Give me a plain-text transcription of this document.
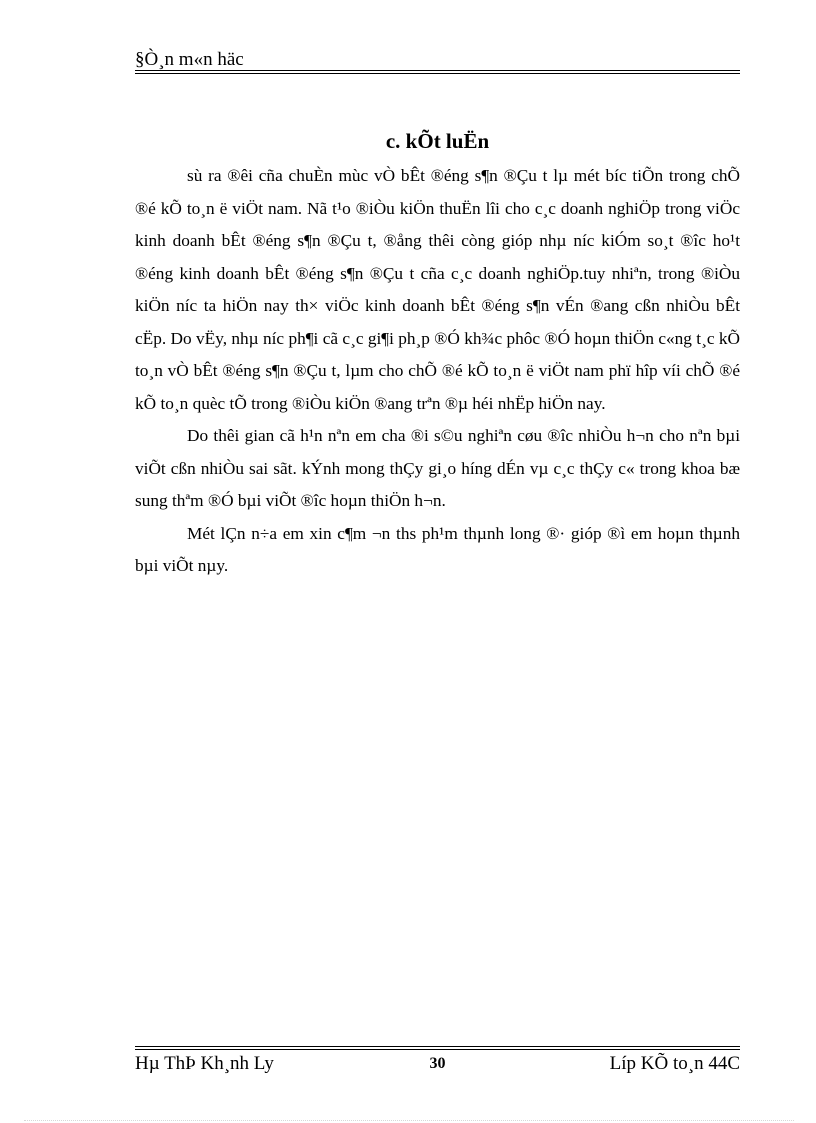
§Ò¸n m«n häc
c. kÕt luËn

sù ra ®êi cña chuÈn mùc vÒ bÊt ®éng s¶n ®Çu t lµ mét bíc tiÕn trong chÕ ®é kÕ to¸n ë viÖt nam. Nã t¹o ®iÒu kiÖn thuËn lîi cho c¸c doanh nghiÖp trong viÖc kinh doanh bÊt ®éng s¶n ®Çu t, ®ång thêi còng gióp nhµ níc kiÓm so¸t ®îc ho¹t ®éng kinh doanh bÊt ®éng s¶n ®Çu t cña c¸c doanh nghiÖp.tuy nhiªn, trong ®iÒu kiÖn níc ta hiÖn nay th× viÖc kinh doanh bÊt ®éng s¶n vÉn ®ang cßn nhiÒu bÊt cËp. Do vËy, nhµ níc ph¶i cã c¸c gi¶i ph¸p ®Ó kh¾c phôc ®Ó hoµn thiÖn c«ng t¸c kÕ to¸n vÒ bÊt ®éng s¶n ®Çu t, lµm cho chÕ ®é kÕ to¸n ë viÖt nam phï hîp víi chÕ ®é kÕ to¸n quèc tÕ trong ®iÒu kiÖn ®ang trªn ®µ héi nhËp hiÖn nay.

Do thêi gian cã h¹n nªn em cha ®i s©u nghiªn cøu ®îc nhiÒu h¬n cho nªn bµi viÕt cßn nhiÒu sai sãt. kÝnh mong thÇy gi¸o híng dÉn vµ c¸c thÇy c« trong khoa bæ sung thªm ®Ó bµi viÕt ®îc hoµn thiÖn h¬n.

Mét lÇn n÷a em xin c¶m ¬n ths ph¹m thµnh long ®· gióp ®ì em hoµn thµnh bµi viÕt nµy.

Hµ ThÞ Kh¸nh Ly	30	Líp KÕ to¸n 44C
